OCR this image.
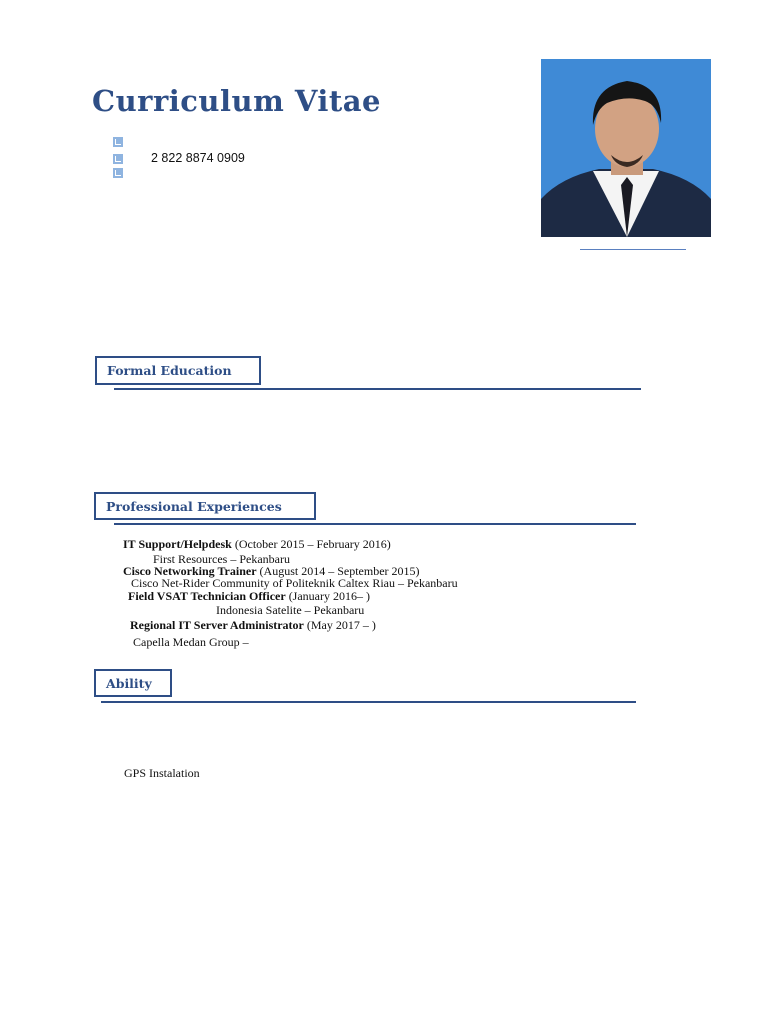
Curriculum Vitae
2 822 8874 0909
Formal Education
Professional Experiences
IT Support/Helpdesk (October 2015 – February 2016)
First Resources – Pekanbaru
Cisco Networking Trainer (August 2014 – September 2015)
Cisco Net-Rider Community of Politeknik Caltex Riau – Pekanbaru
Field VSAT Technician Officer (January 2016– )
Indonesia Satelite – Pekanbaru
Regional IT Server Administrator (May 2017 – )
Capella Medan Group –
Ability
GPS Instalation
